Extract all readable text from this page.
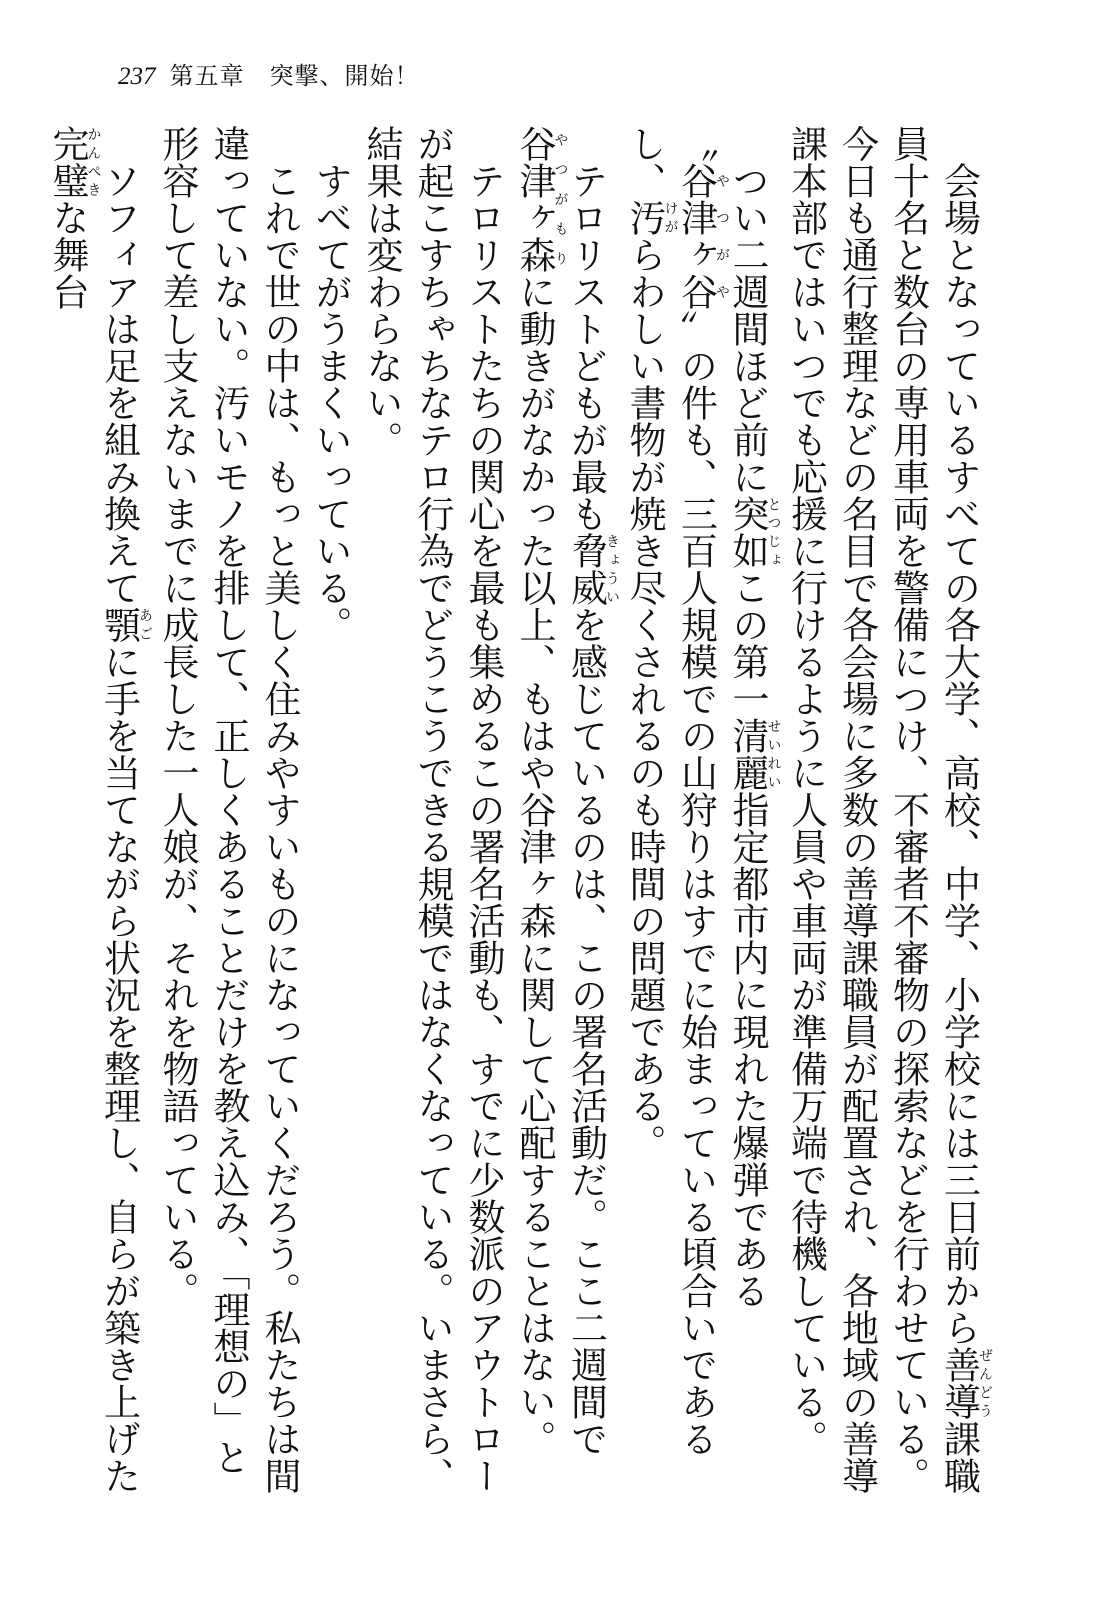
237 第五章　突撃、開始！

会場となっているすべての各大学、高校、中学、小学校には三日前から善導ぜんどう課職員十名と数台の専用車両を警備につけ、不審者不審物の探索などを行わせている。今日も通行整理などの名目で各会場に多数の善導課職員が配置され、各地域の善導課本部ではいつでも応援に行けるように人員や車両が準備万端で待機している。

つい二週間ほど前に突如とつじょこの第一清麗せいれい指定都市内に現れた爆弾である〝谷津ヶ谷やつがや〟の件も、三百人規模での山狩りはすでに始まっている頃合いであるし、汚けがらわしい書物が焼き尽くされるのも時間の問題である。

テロリストどもが最も脅威きょういを感じているのは、この署名活動だ。ここ二週間で谷津ヶ森やつがもりに動きがなかった以上、もはや谷津ヶ森に関して心配することはない。

テロリストたちの関心を最も集めるこの署名活動も、すでに少数派のアウトローが起こすちゃちなテロ行為でどうこうできる規模ではなくなっている。いまさら、結果は変わらない。

すべてがうまくいっている。

これで世の中は、もっと美しく住みやすいものになっていくだろう。私たちは間違っていない。汚いモノを排して、正しくあることだけを教え込み、「理想の」と形容して差し支えないまでに成長した一人娘が、それを物語っている。

ソフィアは足を組み換えて顎あごに手を当てながら状況を整理し、自らが築き上げた完璧かんぺきな舞台
